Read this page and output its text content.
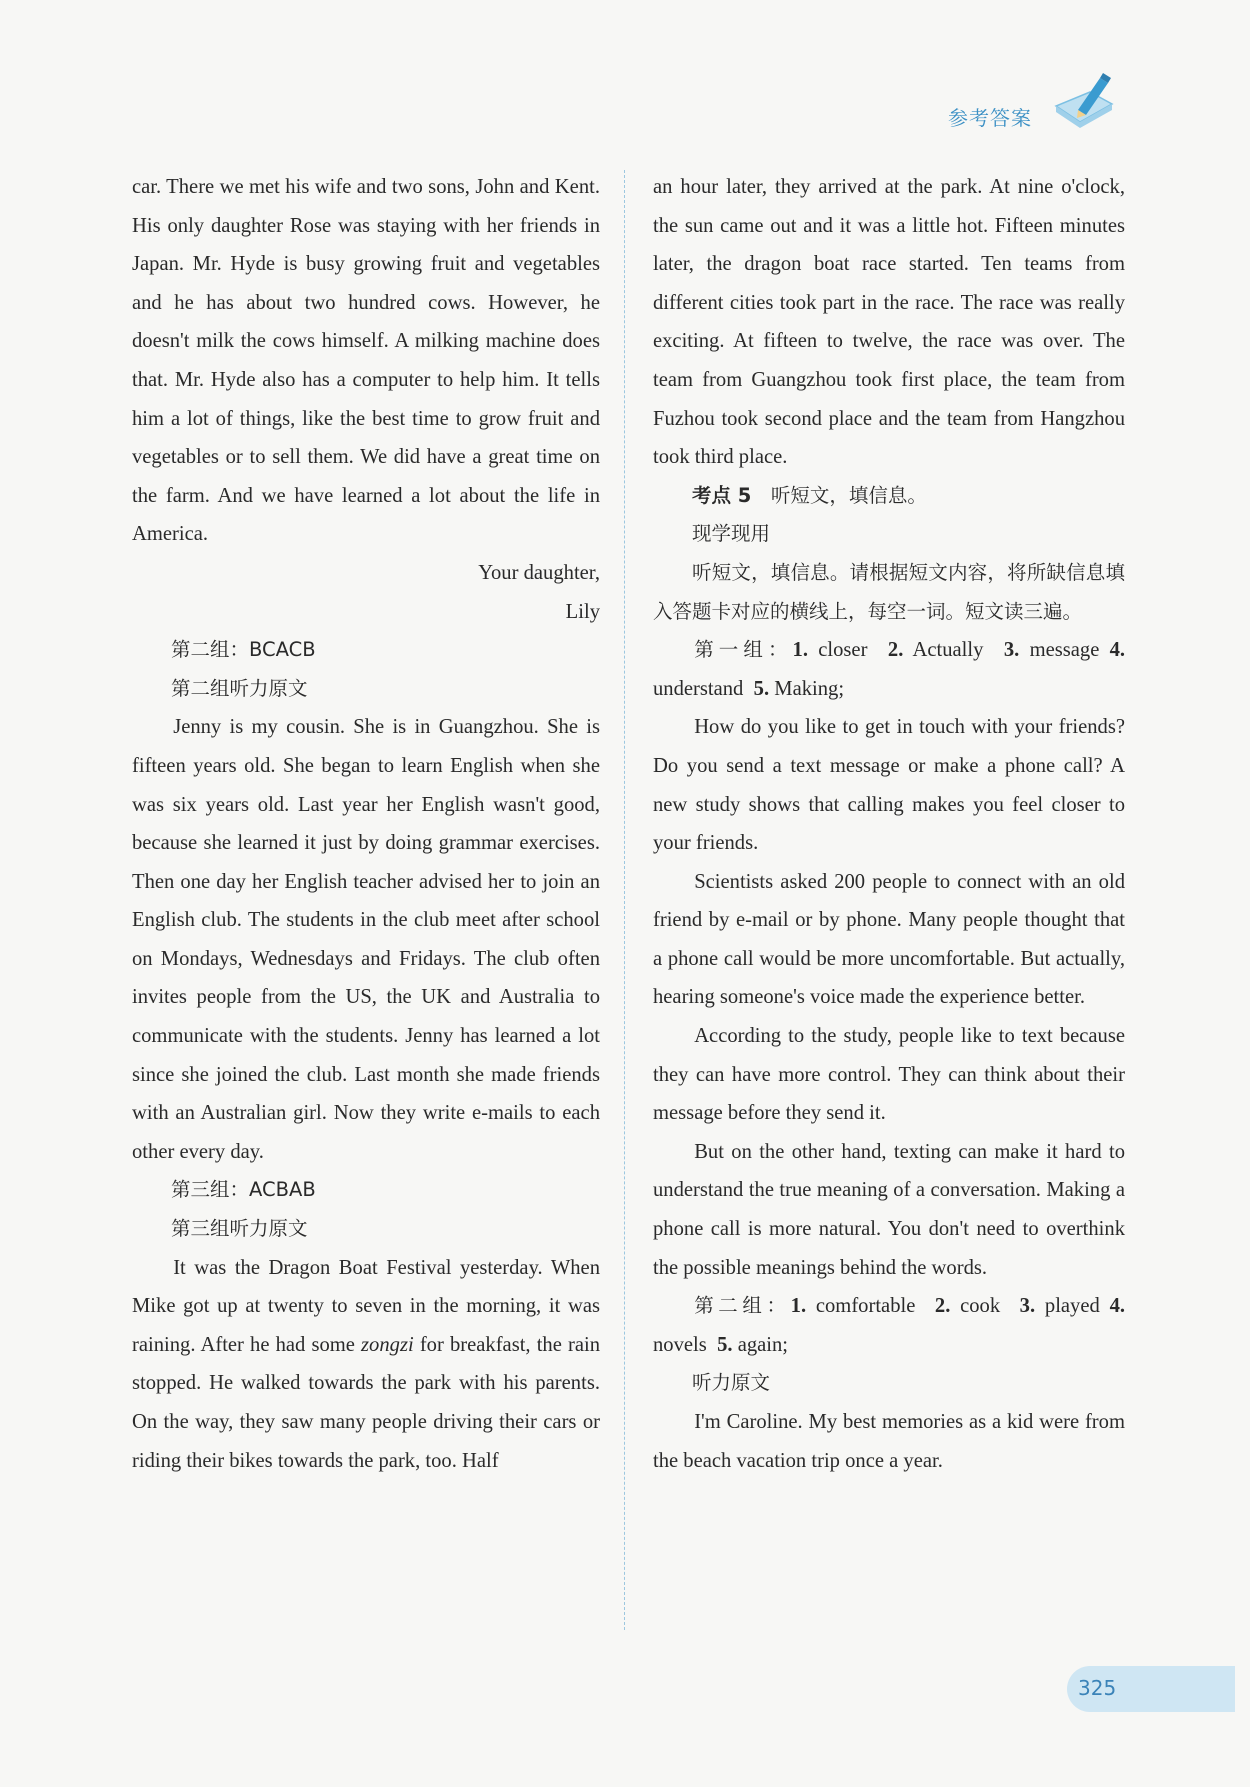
参考答案

car. There we met his wife and two sons, John and Kent. His only daughter Rose was staying with her friends in Japan. Mr. Hyde is busy growing fruit and vegetables and he has about two hundred cows. However, he doesn't milk the cows himself. A milking machine does that. Mr. Hyde also has a computer to help him. It tells him a lot of things, like the best time to grow fruit and vegetables or to sell them. We did have a great time on the farm. And we have learned a lot about the life in America.

Your daughter,

Lily

第二组：BCACB

第二组听力原文

Jenny is my cousin. She is in Guangzhou. She is fifteen years old. She began to learn English when she was six years old. Last year her English wasn't good, because she learned it just by doing grammar exercises. Then one day her English teacher advised her to join an English club. The students in the club meet after school on Mondays, Wednesdays and Fridays. The club often invites people from the US, the UK and Australia to communicate with the students. Jenny has learned a lot since she joined the club. Last month she made friends with an Australian girl. Now they write e-mails to each other every day.

第三组：ACBAB

第三组听力原文

It was the Dragon Boat Festival yesterday. When Mike got up at twenty to seven in the morning, it was raining. After he had some zongzi for breakfast, the rain stopped. He walked towards the park with his parents. On the way, they saw many people driving their cars or riding their bikes towards the park, too. Half

an hour later, they arrived at the park. At nine o'clock, the sun came out and it was a little hot. Fifteen minutes later, the dragon boat race started. Ten teams from different cities took part in the race. The race was really exciting. At fifteen to twelve, the race was over. The team from Guangzhou took first place, the team from Fuzhou took second place and the team from Hangzhou took third place.

考点 5　 听短文，填信息。

现学现用

听短文，填信息。请根据短文内容，将所缺信息填入答题卡对应的横线上，每空一词。短文读三遍。

第一组：1. closer 2. Actually 3. message 4. understand 5. Making;

How do you like to get in touch with your friends? Do you send a text message or make a phone call? A new study shows that calling makes you feel closer to your friends.

Scientists asked 200 people to connect with an old friend by e-mail or by phone. Many people thought that a phone call would be more uncomfortable. But actually, hearing someone's voice made the experience better.

According to the study, people like to text because they can have more control. They can think about their message before they send it.

But on the other hand, texting can make it hard to understand the true meaning of a conversation. Making a phone call is more natural. You don't need to overthink the possible meanings behind the words.

第二组：1. comfortable 2. cook 3. played 4. novels 5. again;

听力原文

I'm Caroline. My best memories as a kid were from the beach vacation trip once a year.

325
